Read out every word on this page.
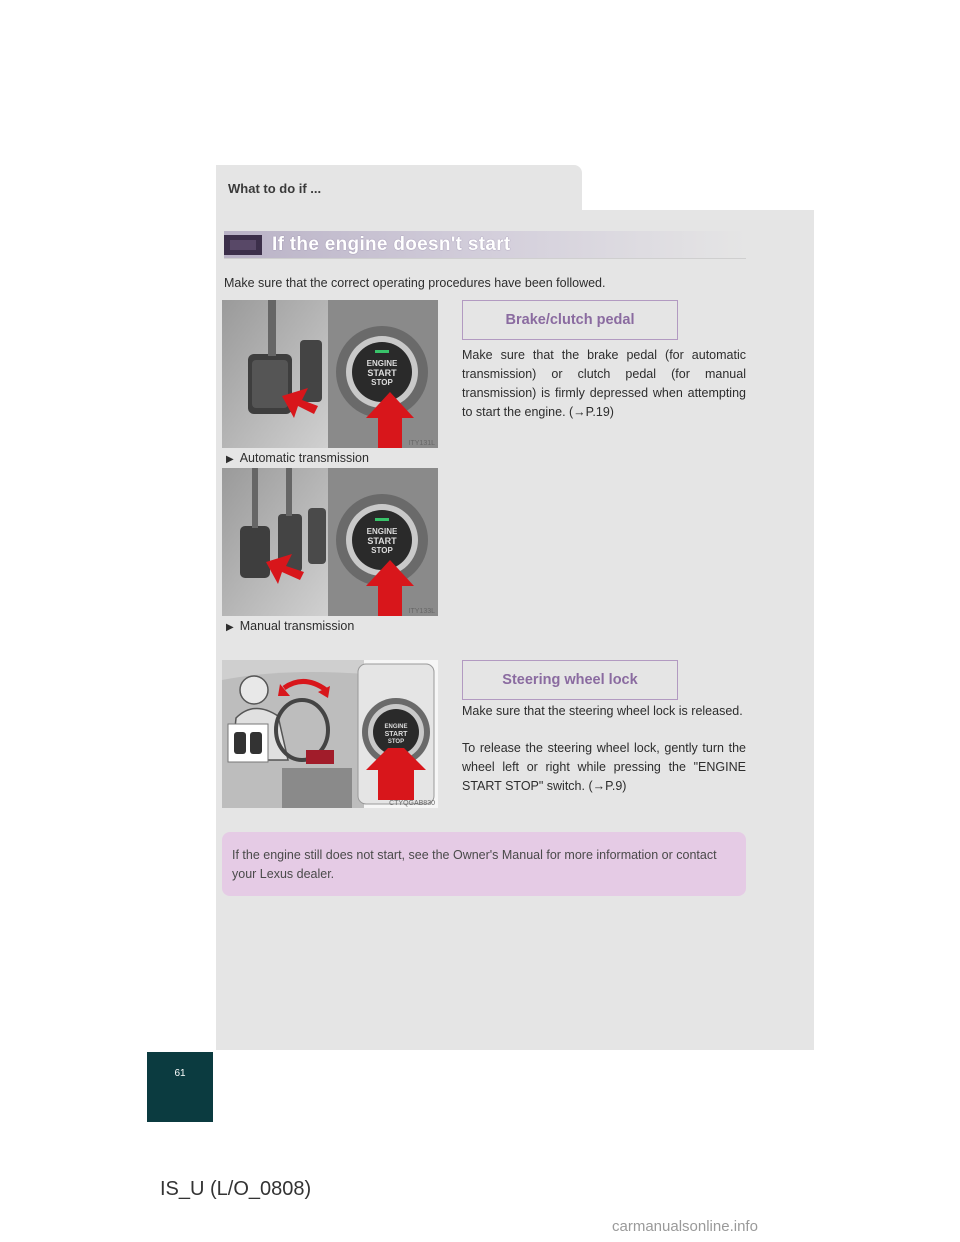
What to do if ...
If the engine doesn't start
Make sure that the correct operating procedures have been followed.
ENGINE
START
STOP
ITY131L
▶ Automatic transmission
ENGINE
START
STOP
ITY133L
▶ Manual transmission
Brake/clutch pedal
Make sure that the brake pedal (for automatic transmission) or clutch pedal (for manual transmission) is firmly depressed when attempting to start the engine. (→P.19)
ENGINE
START
STOP
CTYQGAB830
Steering wheel lock
Make sure that the steering wheel lock is released.
To release the steering wheel lock, gently turn the wheel left or right while pressing the "ENGINE START STOP" switch. (→P.9)
If the engine still does not start, see the Owner's Manual for more information or contact your Lexus dealer.
61
IS_U (L/O_0808)
carmanualsonline.info
